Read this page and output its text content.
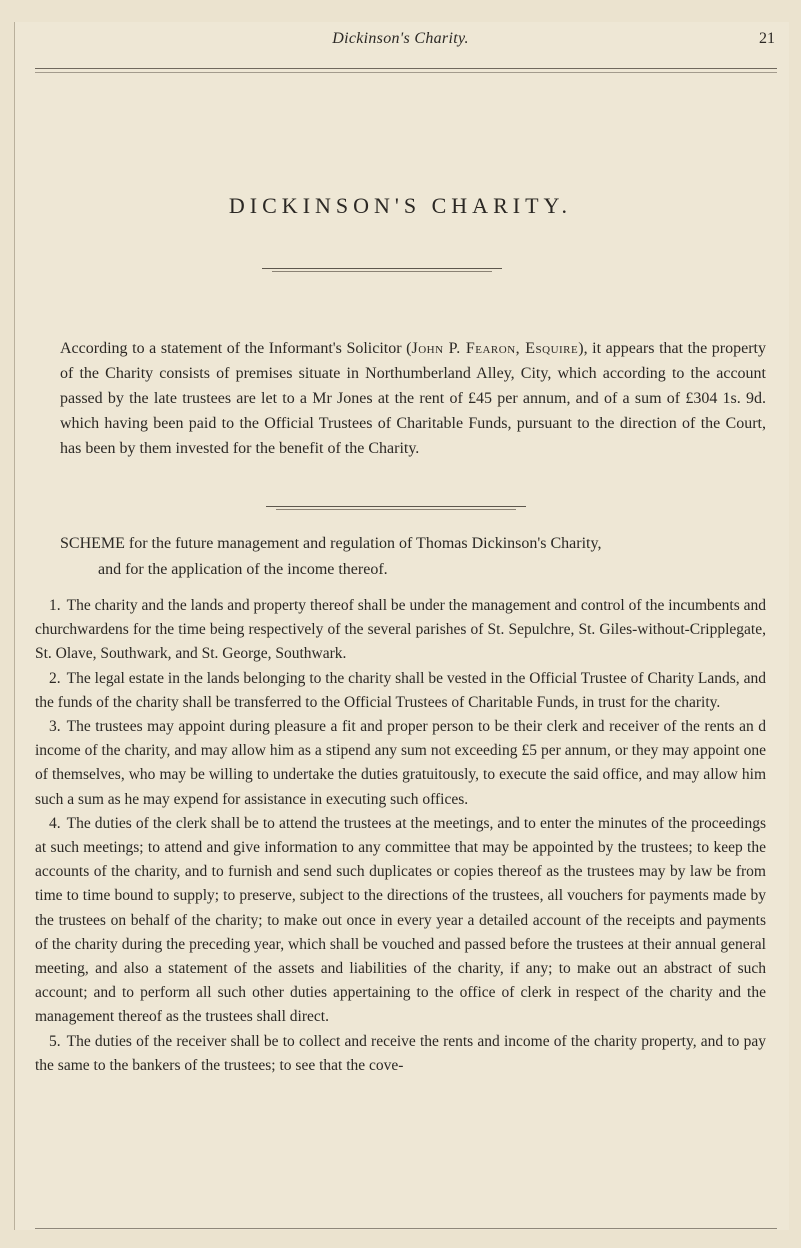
Dickinson's Charity.	21
DICKINSON'S CHARITY.

According to a statement of the Informant's Solicitor (John P. Fearon, Esquire), it appears that the property of the Charity consists of premises situate in Northumberland Alley, City, which according to the account passed by the late trustees are let to a Mr Jones at the rent of £45 per annum, and of a sum of £304 1s. 9d. which having been paid to the Official Trustees of Charitable Funds, pursuant to the direction of the Court, has been by them invested for the benefit of the Charity.

SCHEME for the future management and regulation of Thomas Dickinson's Charity,
and for the application of the income thereof.

1. The charity and the lands and property thereof shall be under the management and control of the incumbents and churchwardens for the time being respectively of the several parishes of St. Sepulchre, St. Giles-without-Cripplegate, St. Olave, Southwark, and St. George, Southwark.
2. The legal estate in the lands belonging to the charity shall be vested in the Official Trustee of Charity Lands, and the funds of the charity shall be transferred to the Official Trustees of Charitable Funds, in trust for the charity.
3. The trustees may appoint during pleasure a fit and proper person to be their clerk and receiver of the rents an d income of the charity, and may allow him as a stipend any sum not exceeding £5 per annum, or they may appoint one of themselves, who may be willing to undertake the duties gratuitously, to execute the said office, and may allow him such a sum as he may expend for assistance in executing such offices.
4. The duties of the clerk shall be to attend the trustees at the meetings, and to enter the minutes of the proceedings at such meetings; to attend and give information to any committee that may be appointed by the trustees; to keep the accounts of the charity, and to furnish and send such duplicates or copies thereof as the trustees may by law be from time to time bound to supply; to preserve, subject to the directions of the trustees, all vouchers for payments made by the trustees on behalf of the charity; to make out once in every year a detailed account of the receipts and payments of the charity during the preceding year, which shall be vouched and passed before the trustees at their annual general meeting, and also a statement of the assets and liabilities of the charity, if any; to make out an abstract of such account; and to perform all such other duties appertaining to the office of clerk in respect of the charity and the management thereof as the trustees shall direct.
5. The duties of the receiver shall be to collect and receive the rents and income of the charity property, and to pay the same to the bankers of the trustees; to see that the cove-
